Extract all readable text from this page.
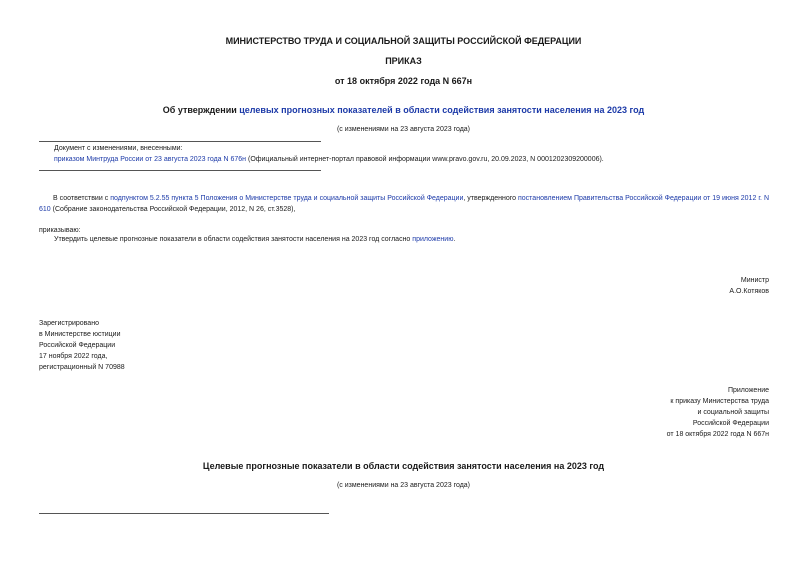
МИНИСТЕРСТВО ТРУДА И СОЦИАЛЬНОЙ ЗАЩИТЫ РОССИЙСКОЙ ФЕДЕРАЦИИ
ПРИКАЗ
от 18 октября 2022 года N 667н
Об утверждении целевых прогнозных показателей в области содействия занятости населения на 2023 год
(с изменениями на 23 августа 2023 года)
Документ с изменениями, внесенными:
приказом Минтруда России от 23 августа 2023 года N 676н (Официальный интернет-портал правовой информации www.pravo.gov.ru, 20.09.2023, N 0001202309200006).
В соответствии с подпунктом 5.2.55 пункта 5 Положения о Министерстве труда и социальной защиты Российской Федерации, утвержденного постановлением Правительства Российской Федерации от 19 июня 2012 г. N 610 (Собрание законодательства Российской Федерации, 2012, N 26, ст.3528),
приказываю:
Утвердить целевые прогнозные показатели в области содействия занятости населения на 2023 год согласно приложению.
Министр
А.О.Котяков
Зарегистрировано
в Министерстве юстиции
Российской Федерации
17 ноября 2022 года,
регистрационный N 70988
Приложение
к приказу Министерства труда
и социальной защиты
Российской Федерации
от 18 октября 2022 года N 667н
Целевые прогнозные показатели в области содействия занятости населения на 2023 год
(с изменениями на 23 августа 2023 года)
